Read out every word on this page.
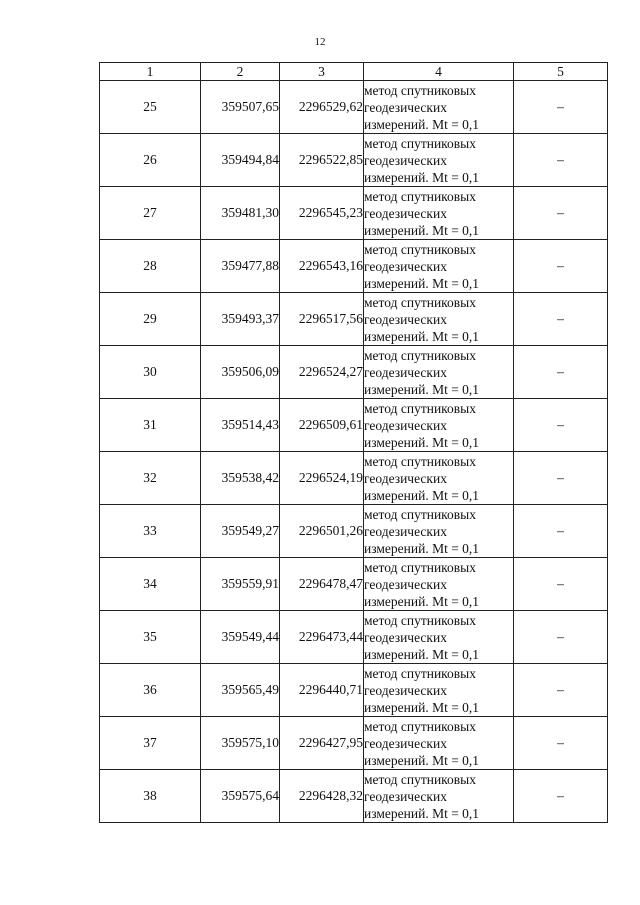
12
1	2	3	4	5
25	359507,65	2296529,62	метод спутниковых
геодезических
измерений. Mt = 0,1	–
26	359494,84	2296522,85	метод спутниковых
геодезических
измерений. Mt = 0,1	–
27	359481,30	2296545,23	метод спутниковых
геодезических
измерений. Mt = 0,1	–
28	359477,88	2296543,16	метод спутниковых
геодезических
измерений. Mt = 0,1	–
29	359493,37	2296517,56	метод спутниковых
геодезических
измерений. Mt = 0,1	–
30	359506,09	2296524,27	метод спутниковых
геодезических
измерений. Mt = 0,1	–
31	359514,43	2296509,61	метод спутниковых
геодезических
измерений. Mt = 0,1	–
32	359538,42	2296524,19	метод спутниковых
геодезических
измерений. Mt = 0,1	–
33	359549,27	2296501,26	метод спутниковых
геодезических
измерений. Mt = 0,1	–
34	359559,91	2296478,47	метод спутниковых
геодезических
измерений. Mt = 0,1	–
35	359549,44	2296473,44	метод спутниковых
геодезических
измерений. Mt = 0,1	–
36	359565,49	2296440,71	метод спутниковых
геодезических
измерений. Mt = 0,1	–
37	359575,10	2296427,95	метод спутниковых
геодезических
измерений. Mt = 0,1	–
38	359575,64	2296428,32	метод спутниковых
геодезических
измерений. Mt = 0,1	–
